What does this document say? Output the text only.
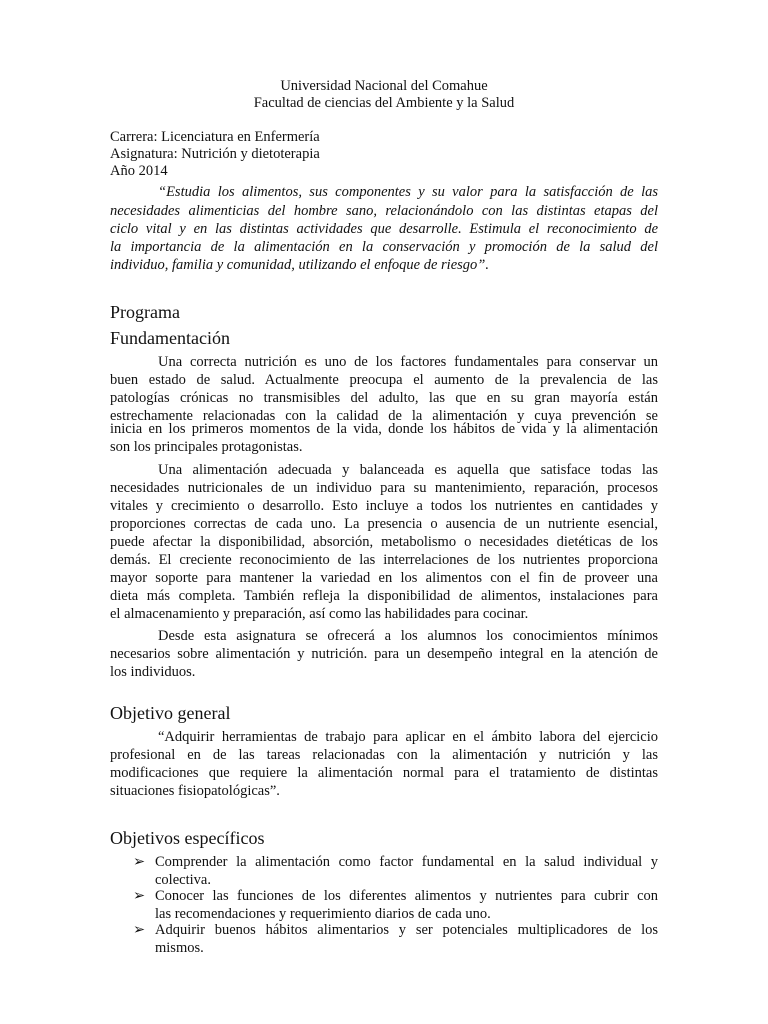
Universidad Nacional del Comahue
Facultad de ciencias del Ambiente y la Salud
Carrera: Licenciatura en Enfermería
Asignatura: Nutrición y dietoterapia
Año 2014
“Estudia los alimentos, sus componentes y su valor para la satisfacción de las
necesidades alimenticias del hombre sano, relacionándolo con las distintas etapas del
ciclo vital y en las distintas actividades que desarrolle. Estimula el reconocimiento de
la importancia de la alimentación en la conservación y promoción de la salud del
individuo, familia y comunidad, utilizando el enfoque de riesgo”.
Programa
Fundamentación
Una correcta nutrición es uno de los factores fundamentales para conservar un
buen estado de salud. Actualmente preocupa el aumento de la prevalencia de las
patologías crónicas no transmisibles del adulto, las que en su gran mayoría están
estrechamente relacionadas con la calidad de la alimentación y cuya prevención se
inicia en los primeros momentos de la vida, donde los hábitos de vida y la alimentación
son los principales protagonistas.
Una alimentación adecuada y balanceada es aquella que satisface todas las
necesidades nutricionales de un individuo para su mantenimiento, reparación, procesos
vitales y crecimiento o desarrollo. Esto incluye a todos los nutrientes en cantidades y
proporciones correctas de cada uno. La presencia o ausencia de un nutriente esencial,
puede afectar la disponibilidad, absorción, metabolismo o necesidades dietéticas de los
demás. El creciente reconocimiento de las interrelaciones de los nutrientes proporciona
mayor soporte para mantener la variedad en los alimentos con el fin de proveer una
dieta más completa. También refleja la disponibilidad de alimentos, instalaciones para
el almacenamiento y preparación, así como las habilidades para cocinar.
Desde esta asignatura se ofrecerá a los alumnos los conocimientos mínimos
necesarios sobre alimentación y nutrición. para un desempeño integral en la atención de
los individuos.
Objetivo general
“Adquirir herramientas de trabajo para aplicar en el ámbito labora del ejercicio
profesional en de las tareas relacionadas con la alimentación y nutrición y las
modificaciones que requiere la alimentación normal para el tratamiento de distintas
situaciones fisiopatológicas”.
Objetivos específicos
➢ Comprender la alimentación como factor fundamental en la salud individual y
colectiva.
➢ Conocer las funciones de los diferentes alimentos y nutrientes para cubrir con
las recomendaciones y requerimiento diarios de cada uno.
➢ Adquirir buenos hábitos alimentarios y ser potenciales multiplicadores de los
mismos.
